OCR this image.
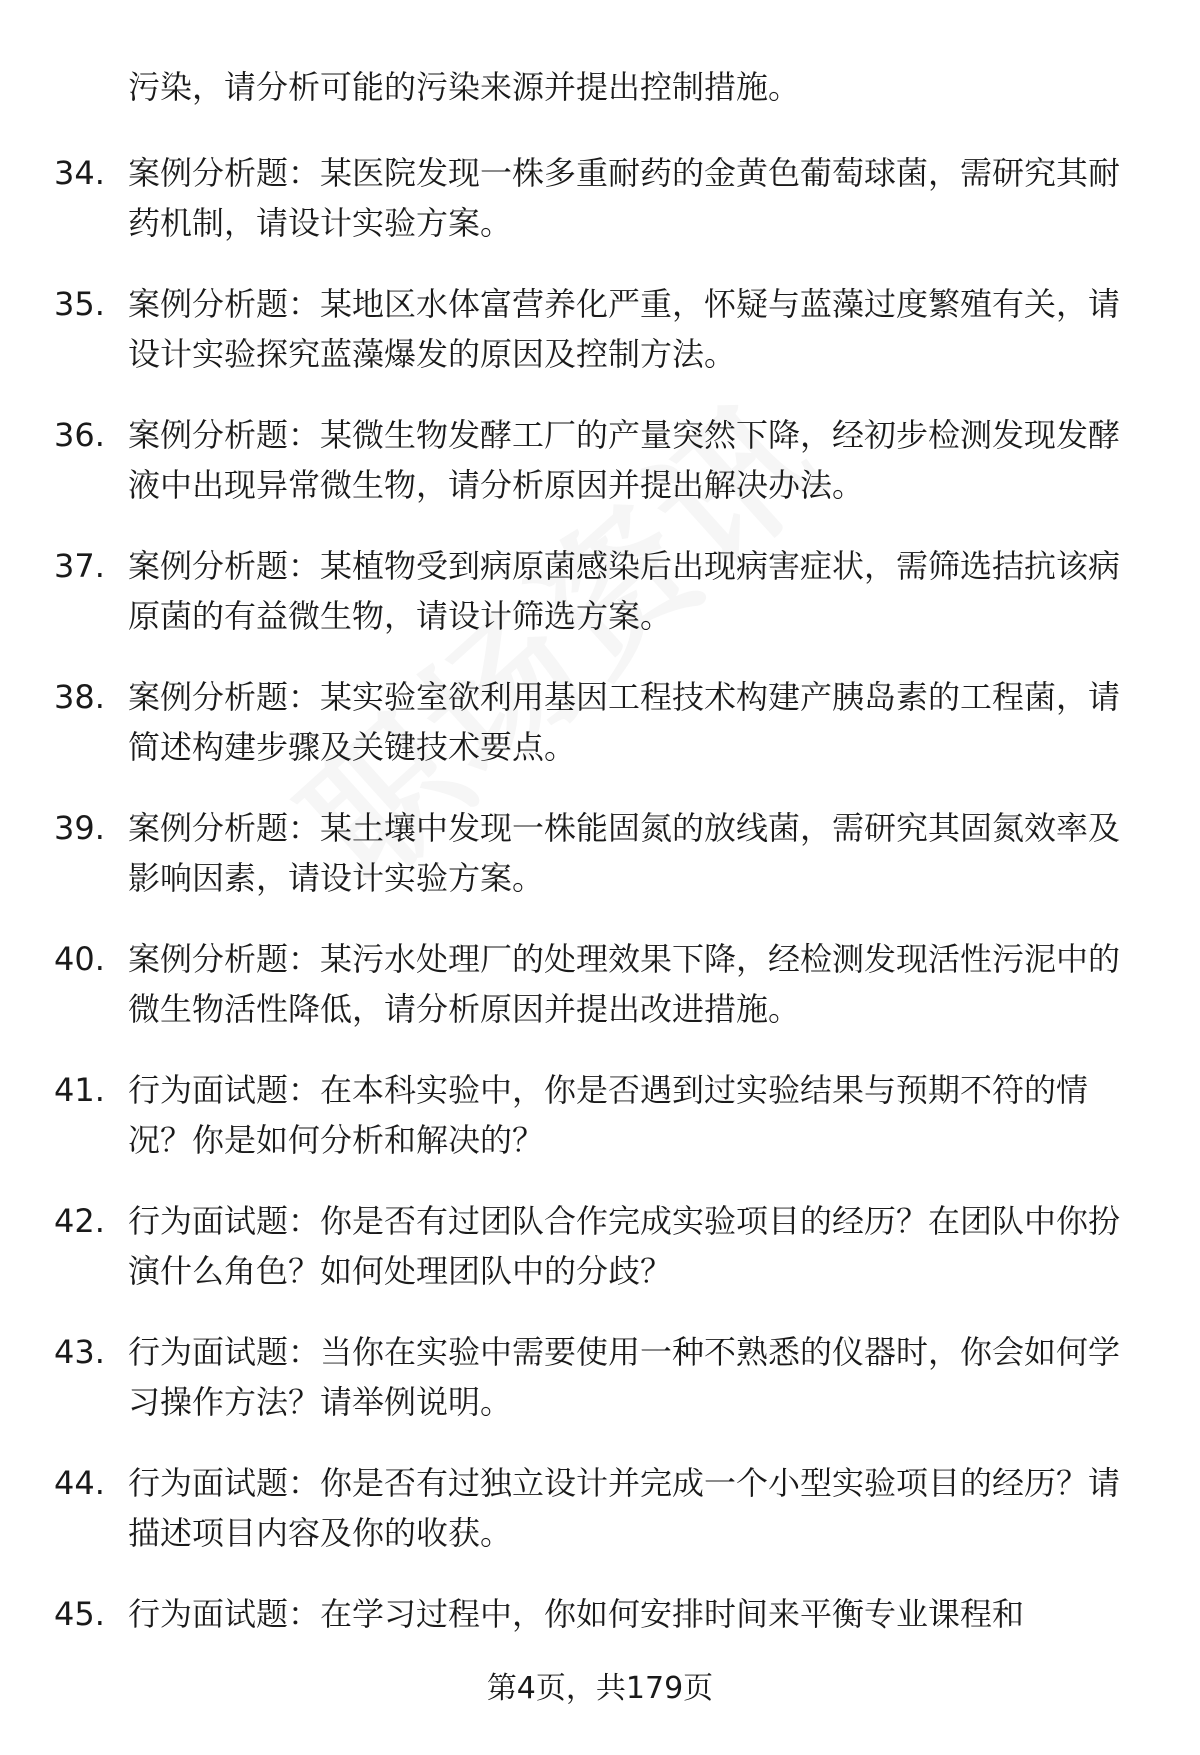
污染，请分析可能的污染来源并提出控制措施。

34. 案例分析题：某医院发现一株多重耐药的金黄色葡萄球菌，需研究其耐药机制，请设计实验方案。

35. 案例分析题：某地区水体富营养化严重，怀疑与蓝藻过度繁殖有关，请设计实验探究蓝藻爆发的原因及控制方法。

36. 案例分析题：某微生物发酵工厂的产量突然下降，经初步检测发现发酵液中出现异常微生物，请分析原因并提出解决办法。

37. 案例分析题：某植物受到病原菌感染后出现病害症状，需筛选拮抗该病原菌的有益微生物，请设计筛选方案。

38. 案例分析题：某实验室欲利用基因工程技术构建产胰岛素的工程菌，请简述构建步骤及关键技术要点。

39. 案例分析题：某土壤中发现一株能固氮的放线菌，需研究其固氮效率及影响因素，请设计实验方案。

40. 案例分析题：某污水处理厂的处理效果下降，经检测发现活性污泥中的微生物活性降低，请分析原因并提出改进措施。

41. 行为面试题：在本科实验中，你是否遇到过实验结果与预期不符的情况？你是如何分析和解决的？

42. 行为面试题：你是否有过团队合作完成实验项目的经历？在团队中你扮演什么角色？如何处理团队中的分歧？

43. 行为面试题：当你在实验中需要使用一种不熟悉的仪器时，你会如何学习操作方法？请举例说明。

44. 行为面试题：你是否有过独立设计并完成一个小型实验项目的经历？请描述项目内容及你的收获。

45. 行为面试题：在学习过程中，你如何安排时间来平衡专业课程和

第4页，共179页
